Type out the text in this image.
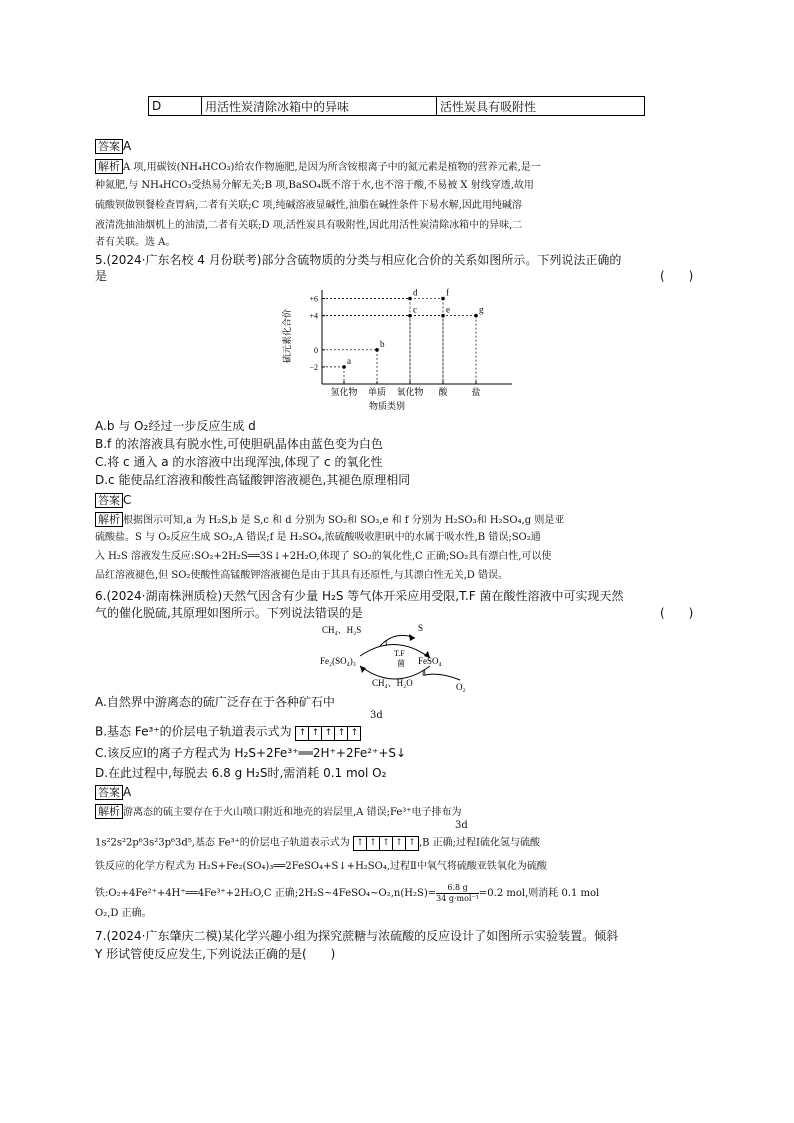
D	用活性炭清除冰箱中的异味	活性炭具有吸附性
答案 A
解析 A 项,用碳铵(NH₄HCO₃)给农作物施肥,是因为所含铵根离子中的氮元素是植物的营养元素,是一
种氮肥,与 NH₄HCO₃受热易分解无关;B 项,BaSO₄既不溶于水,也不溶于酸,不易被 X 射线穿透,故用
硫酸钡做钡餐检查胃病,二者有关联;C 项,纯碱溶液显碱性,油脂在碱性条件下易水解,因此用纯碱溶
液清洗抽油烟机上的油渍,二者有关联;D 项,活性炭具有吸附性,因此用活性炭清除冰箱中的异味,二
者有关联。选 A。
5.(2024·广东名校 4 月份联考)部分含硫物质的分类与相应化合价的关系如图所示。下列说法正确的
是	(　　)
+6
+4
0
−2
氢化物 单质 氧化物 酸	盐
物质类别
硫元素化合价	a
b
c
d
e
f
g
A.b 与 O₂经过一步反应生成 d
B.f 的浓溶液具有脱水性,可使胆矾晶体由蓝色变为白色
C.将 c 通入 a 的水溶液中出现浑浊,体现了 c 的氧化性
D.c 能使品红溶液和酸性高锰酸钾溶液褪色,其褪色原理相同
答案 C
解析 根据图示可知,a 为 H₂S,b 是 S,c 和 d 分别为 SO₂和 SO₃,e 和 f 分别为 H₂SO₃和 H₂SO₄,g 则是亚
硫酸盐。S 与 O₂反应生成 SO₂,A 错误;f 是 H₂SO₄,浓硫酸吸收胆矾中的水属于吸水性,B 错误;SO₂通
入 H₂S 溶液发生反应:SO₂+2H₂S══3S↓+2H₂O,体现了 SO₂的氧化性,C 正确;SO₂具有漂白性,可以使
品红溶液褪色,但 SO₂使酸性高锰酸钾溶液褪色是由于其具有还原性,与其漂白性无关,D 错误。
6.(2024·湖南株洲质检)天然气因含有少量 H₂S 等气体开采应用受限,T.F 菌在酸性溶液中可实现天然
气的催化脱硫,其原理如图所示。下列说法错误的是	(　　)
CH₄、H₂S	S
Ⅰ
Fe₂(SO₄)₃
T.F
菌 FeSO₄
Ⅱ
CH₄、H₂O	O₂
A.自然界中游离态的硫广泛存在于各种矿石中
3d
B.基态 Fe³⁺的价层电子轨道表示式为 ↑ ↑ ↑ ↑ ↑
C.该反应Ⅰ的离子方程式为 H₂S+2Fe³⁺══2H⁺+2Fe²⁺+S↓
D.在此过程中,每脱去 6.8 g H₂S时,需消耗 0.1 mol O₂
答案 A
解析 游离态的硫主要存在于火山喷口附近和地壳的岩层里,A 错误;Fe³⁺电子排布为
3d
1s²2s²2p⁶3s²3p⁶3d⁵,基态 Fe³⁺的价层电子轨道表示式为 ↑ ↑ ↑ ↑ ↑ ,B 正确;过程Ⅰ硫化氢与硫酸
铁反应的化学方程式为 H₂S+Fe₂(SO₄)₃══2FeSO₄+S↓+H₂SO₄,过程Ⅱ中氧气将硫酸亚铁氧化为硫酸
铁:O₂+4Fe²⁺+4H⁺══4Fe³⁺+2H₂O,C 正确;2H₂S~4FeSO₄~O₂,n(H₂S)=
6.8 g
34 g·mol⁻¹ =0.2 mol,则消耗 0.1 mol
O₂,D 正确。
7.(2024·广东肇庆二模)某化学兴趣小组为探究蔗糖与浓硫酸的反应设计了如图所示实验装置。倾斜
Y 形试管使反应发生,下列说法正确的是(　　)
